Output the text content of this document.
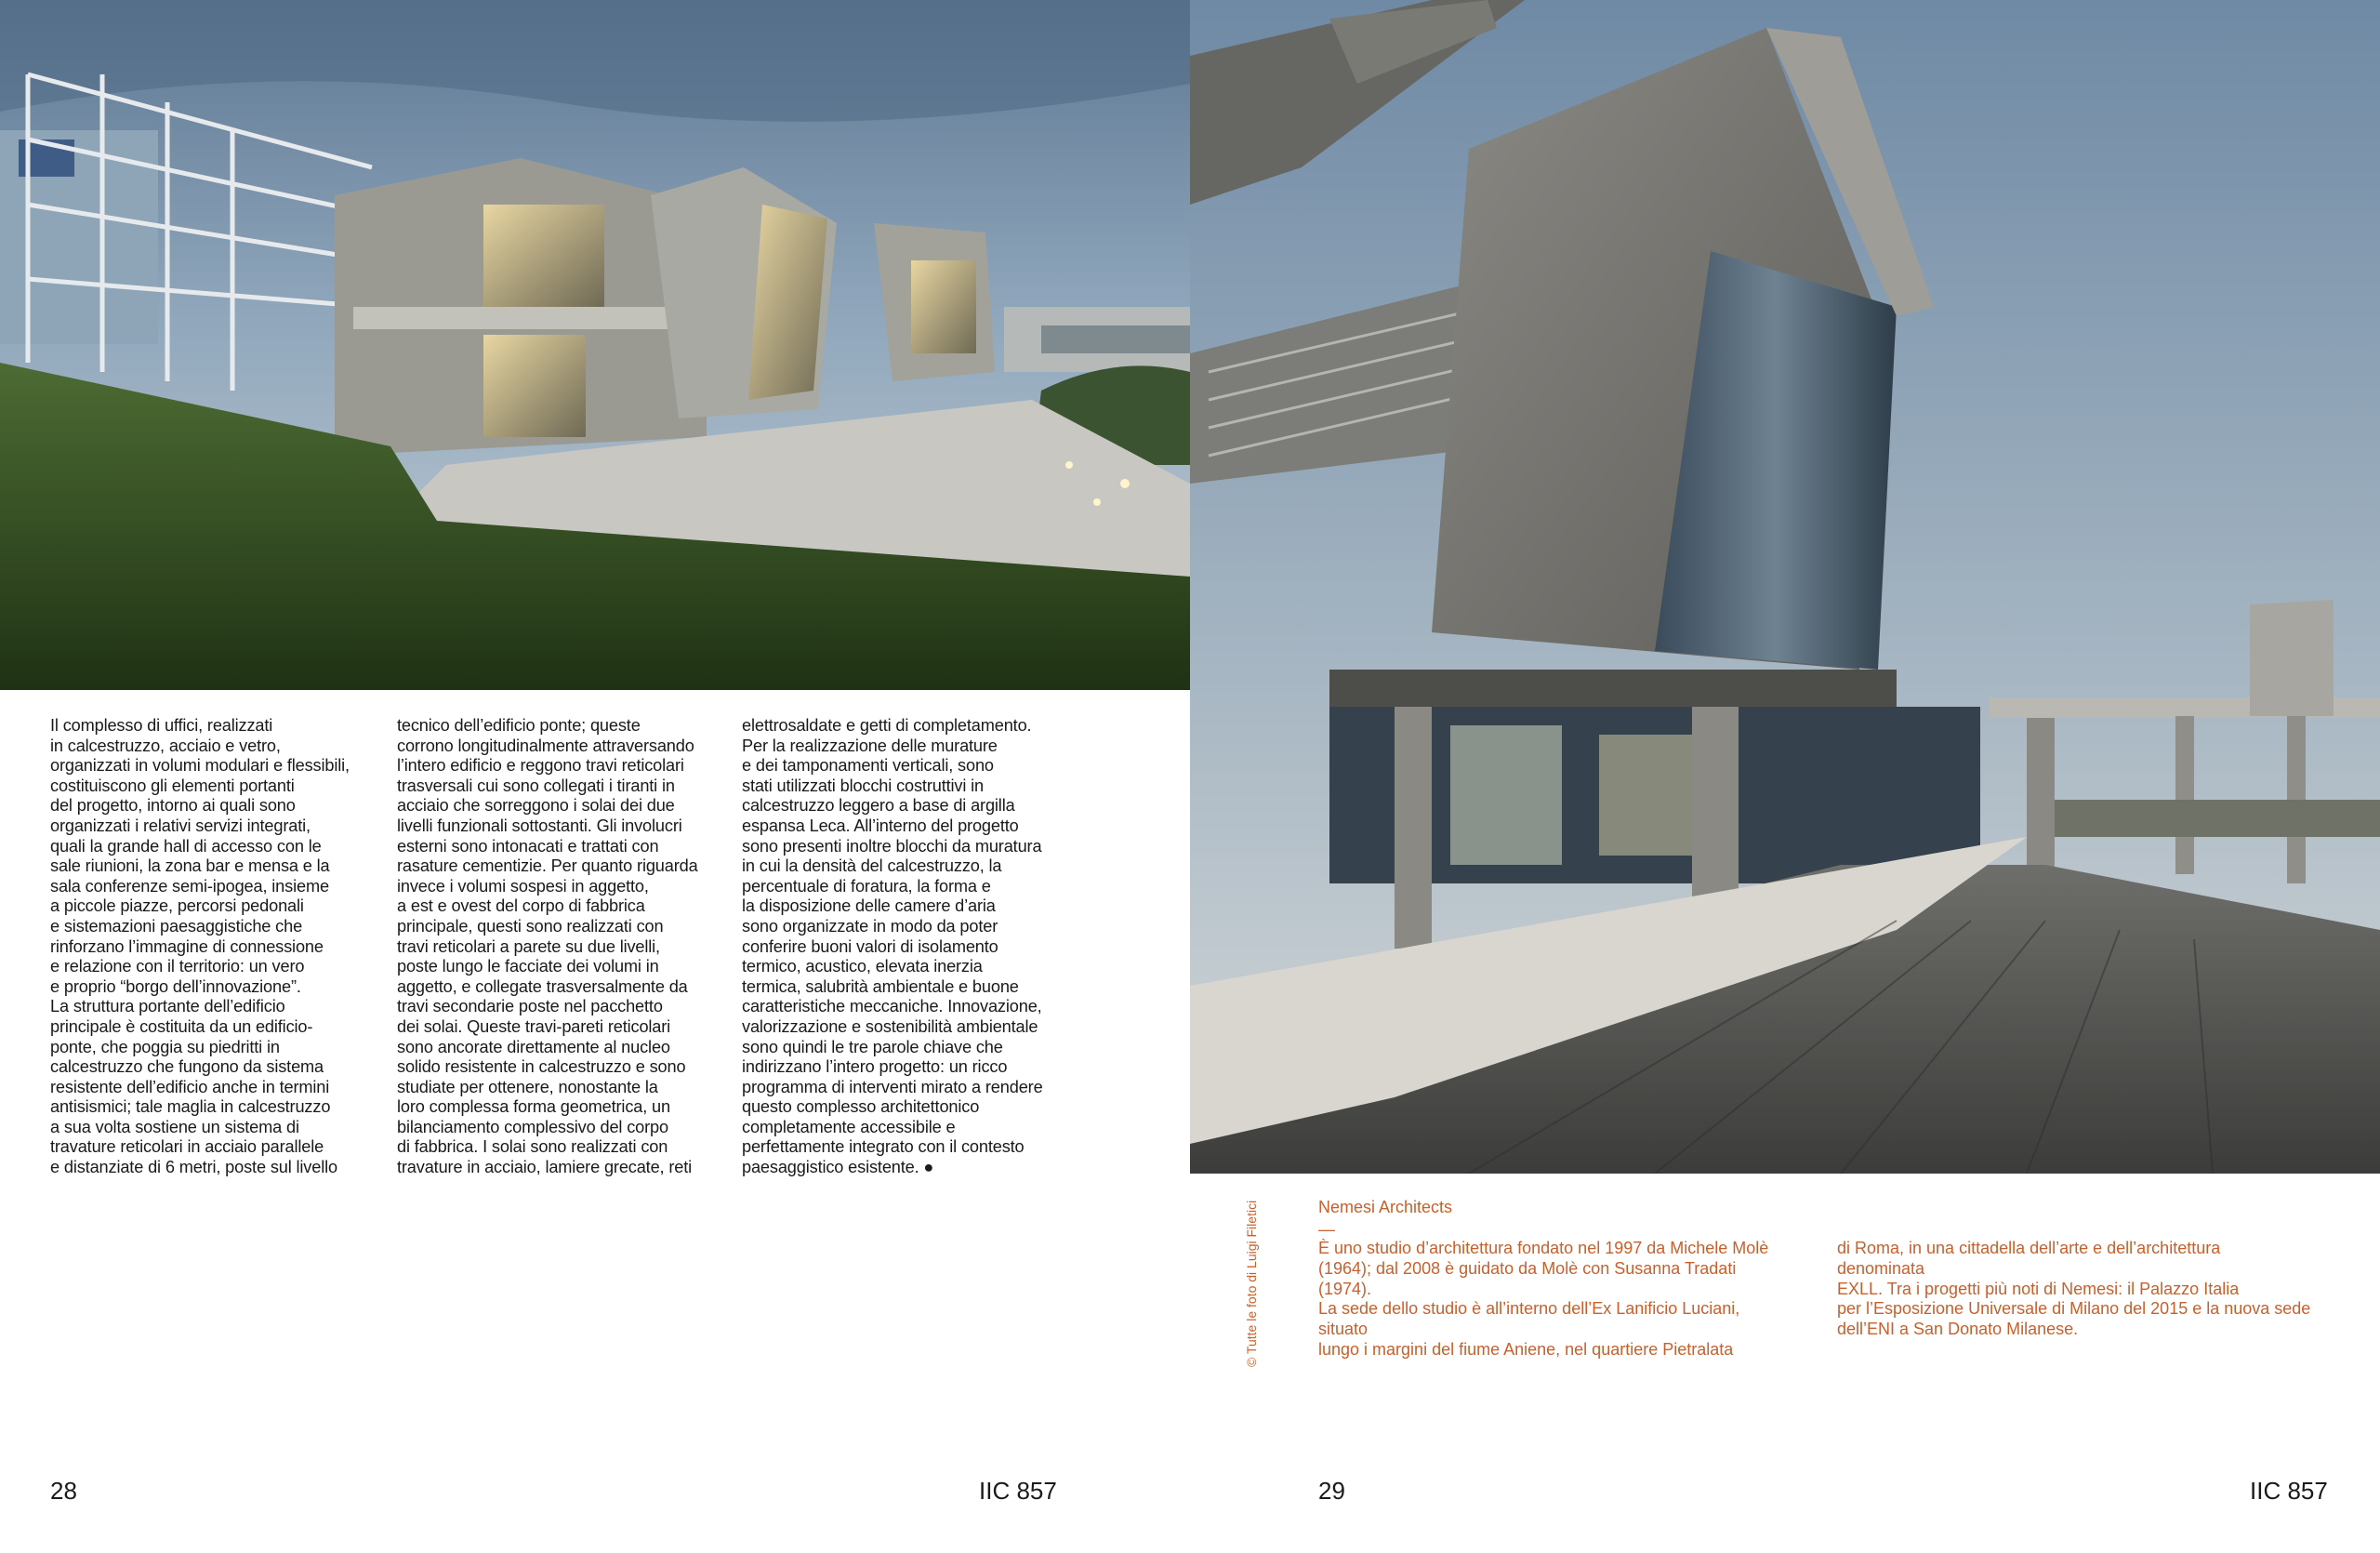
Il complesso di uffici, realizzati
in calcestruzzo, acciaio e vetro,
organizzati in volumi modulari e flessibili,
costituiscono gli elementi portanti
del progetto, intorno ai quali sono
organizzati i relativi servizi integrati,
quali la grande hall di accesso con le
sale riunioni, la zona bar e mensa e la
sala conferenze semi-ipogea, insieme
a piccole piazze, percorsi pedonali
e sistemazioni paesaggistiche che
rinforzano l’immagine di connessione
e relazione con il territorio: un vero
e proprio “borgo dell’innovazione”.
La struttura portante dell’edificio
principale è costituita da un edificio-
ponte, che poggia su piedritti in
calcestruzzo che fungono da sistema
resistente dell’edificio anche in termini
antisismici; tale maglia in calcestruzzo
a sua volta sostiene un sistema di
travature reticolari in acciaio parallele
e distanziate di 6 metri, poste sul livello

tecnico dell’edificio ponte; queste
corrono longitudinalmente attraversando
l’intero edificio e reggono travi reticolari
trasversali cui sono collegati i tiranti in
acciaio che sorreggono i solai dei due
livelli funzionali sottostanti. Gli involucri
esterni sono intonacati e trattati con
rasature cementizie. Per quanto riguarda
invece i volumi sospesi in aggetto,
a est e ovest del corpo di fabbrica
principale, questi sono realizzati con
travi reticolari a parete su due livelli,
poste lungo le facciate dei volumi in
aggetto, e collegate trasversalmente da
travi secondarie poste nel pacchetto
dei solai. Queste travi-pareti reticolari
sono ancorate direttamente al nucleo
solido resistente in calcestruzzo e sono
studiate per ottenere, nonostante la
loro complessa forma geometrica, un
bilanciamento complessivo del corpo
di fabbrica. I solai sono realizzati con
travature in acciaio, lamiere grecate, reti

elettrosaldate e getti di completamento.
Per la realizzazione delle murature
e dei tamponamenti verticali, sono
stati utilizzati blocchi costruttivi in
calcestruzzo leggero a base di argilla
espansa Leca. All’interno del progetto
sono presenti inoltre blocchi da muratura
in cui la densità del calcestruzzo, la
percentuale di foratura, la forma e
la disposizione delle camere d’aria
sono organizzate in modo da poter
conferire buoni valori di isolamento
termico, acustico, elevata inerzia
termica, salubrità ambientale e buone
caratteristiche meccaniche. Innovazione,
valorizzazione e sostenibilità ambientale
sono quindi le tre parole chiave che
indirizzano l’intero progetto: un ricco
programma di interventi mirato a rendere
questo complesso architettonico
completamente accessibile e
perfettamente integrato con il contesto
paesaggistico esistente. ●

© Tutte le foto di Luigi Filetici	Nemesi Architects

—

È uno studio d’architettura fondato nel 1997 da Michele Molè
(1964); dal 2008 è guidato da Molè con Susanna Tradati (1974).
La sede dello studio è all’interno dell’Ex Lanificio Luciani, situato
lungo i margini del fiume Aniene, nel quartiere Pietralata

di Roma, in una cittadella dell’arte e dell’architettura denominata
EXLL. Tra i progetti più noti di Nemesi: il Palazzo Italia
per l’Esposizione Universale di Milano del 2015 e la nuova sede
dell’ENI a San Donato Milanese.

28	IIC 857	29	IIC 857
